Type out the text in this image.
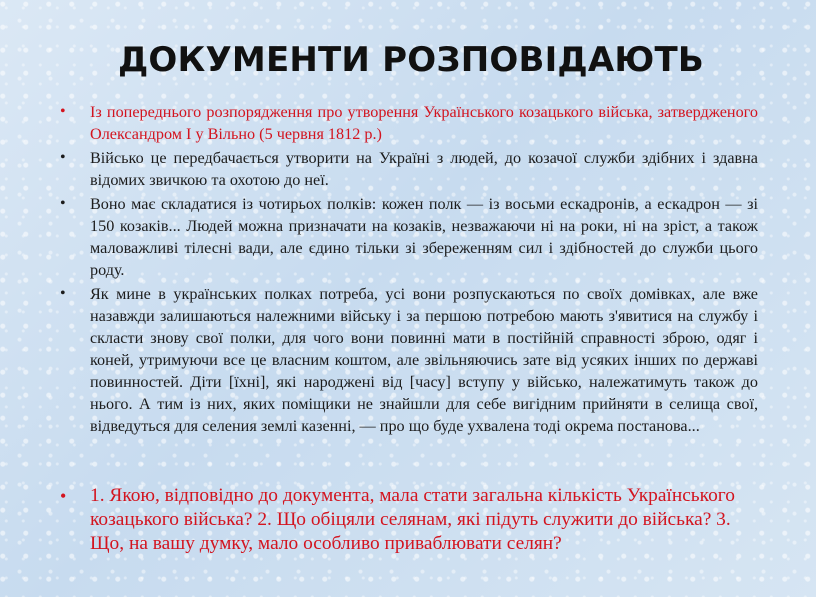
ДОКУМЕНТИ РОЗПОВІДАЮТЬ
• Із попереднього розпорядження про утворення Українського козацького війська, затвердженого Олександром І у Вільно (5 червня 1812 р.)
• Військо це передбачається утворити на Україні з людей, до козачої служби здібних і здавна відомих звичкою та охотою до неї.
• Воно має складатися із чотирьох полків: кожен полк — із восьми ескадронів, а ескадрон — зі 150 козаків... Людей можна призначати на козаків, незважаючи ні на роки, ні на зріст, а також маловажливі тілесні вади, але єдино тільки зі збереженням сил і здібностей до служби цього роду.
• Як мине в українських полках потреба, усі вони розпускаються по своїх домівках, але вже назавжди залишаються належними війську і за першою потребою мають з'явитися на службу і скласти знову свої полки, для чого вони повинні мати в постійній справності зброю, одяг і коней, утримуючи все це власним коштом, але звільняючись зате від усяких інших по державі повинностей. Діти [їхні], які народжені від [часу] вступу у військо, належатимуть також до нього. А тим із них, яких поміщики не знайшли для себе вигідним прийняти в селища свої, відведуться для селения землі казенні, — про що буде ухвалена тоді окрема постанова...

• 1. Якою, відповідно до документа, мала стати загальна кількість Українського козацького війська? 2. Що обіцяли селянам, які підуть служити до війська? 3. Що, на вашу думку, мало особливо приваблювати селян?
